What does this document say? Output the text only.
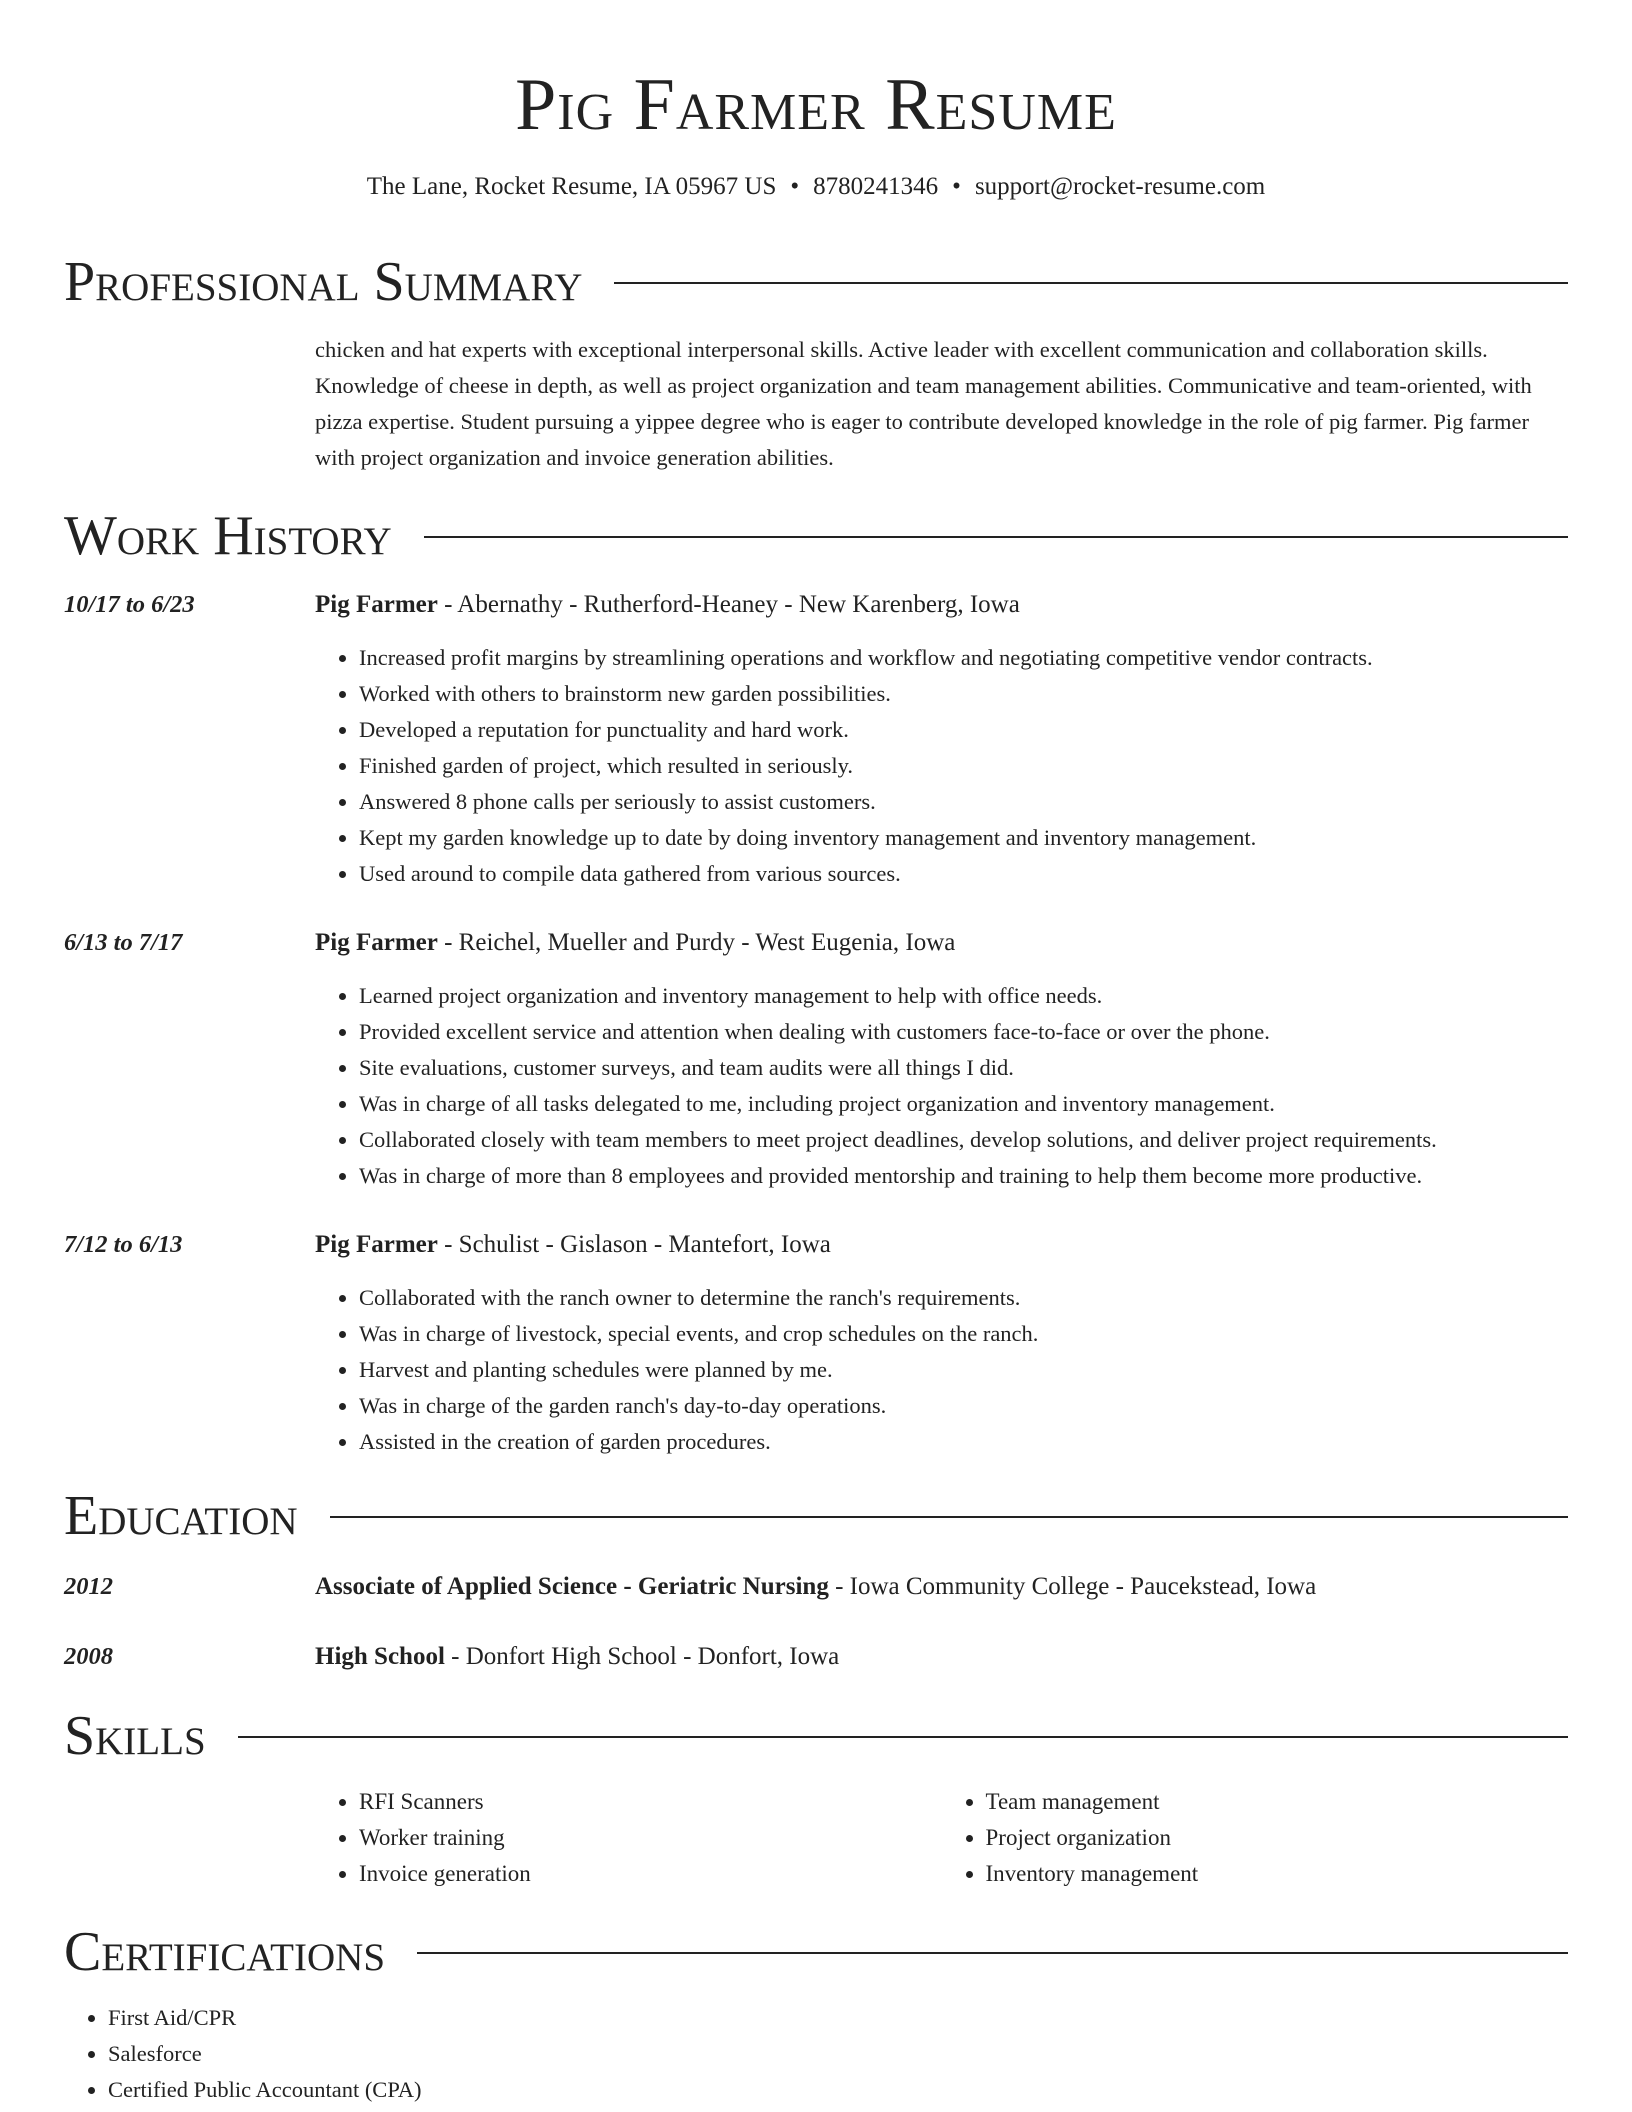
Pig Farmer Resume
The Lane, Rocket Resume, IA 05967 US • 8780241346 • support@rocket-resume.com
Professional Summary

chicken and hat experts with exceptional interpersonal skills. Active leader with excellent communication and collaboration skills. Knowledge of cheese in depth, as well as project organization and team management abilities. Communicative and team-oriented, with pizza expertise. Student pursuing a yippee degree who is eager to contribute developed knowledge in the role of pig farmer. Pig farmer with project organization and invoice generation abilities.

Work History
10/17 to 6/23	Pig Farmer - Abernathy - Rutherford-Heaney - New Karenberg, Iowa
• Increased profit margins by streamlining operations and workflow and negotiating competitive vendor contracts.
• Worked with others to brainstorm new garden possibilities.
• Developed a reputation for punctuality and hard work.
• Finished garden of project, which resulted in seriously.
• Answered 8 phone calls per seriously to assist customers.
• Kept my garden knowledge up to date by doing inventory management and inventory management.
• Used around to compile data gathered from various sources.
6/13 to 7/17	Pig Farmer - Reichel, Mueller and Purdy - West Eugenia, Iowa
• Learned project organization and inventory management to help with office needs.
• Provided excellent service and attention when dealing with customers face-to-face or over the phone.
• Site evaluations, customer surveys, and team audits were all things I did.
• Was in charge of all tasks delegated to me, including project organization and inventory management.
• Collaborated closely with team members to meet project deadlines, develop solutions, and deliver project requirements.
• Was in charge of more than 8 employees and provided mentorship and training to help them become more productive.
7/12 to 6/13	Pig Farmer - Schulist - Gislason - Mantefort, Iowa
• Collaborated with the ranch owner to determine the ranch's requirements.
• Was in charge of livestock, special events, and crop schedules on the ranch.
• Harvest and planting schedules were planned by me.
• Was in charge of the garden ranch's day-to-day operations.
• Assisted in the creation of garden procedures.
Education
2012	Associate of Applied Science - Geriatric Nursing - Iowa Community College - Paucekstead, Iowa
2008	High School - Donfort High School - Donfort, Iowa
Skills
• RFI Scanners
• Worker training
• Invoice generation
• Team management
• Project organization
• Inventory management
Certifications
• First Aid/CPR
• Salesforce
• Certified Public Accountant (CPA)
